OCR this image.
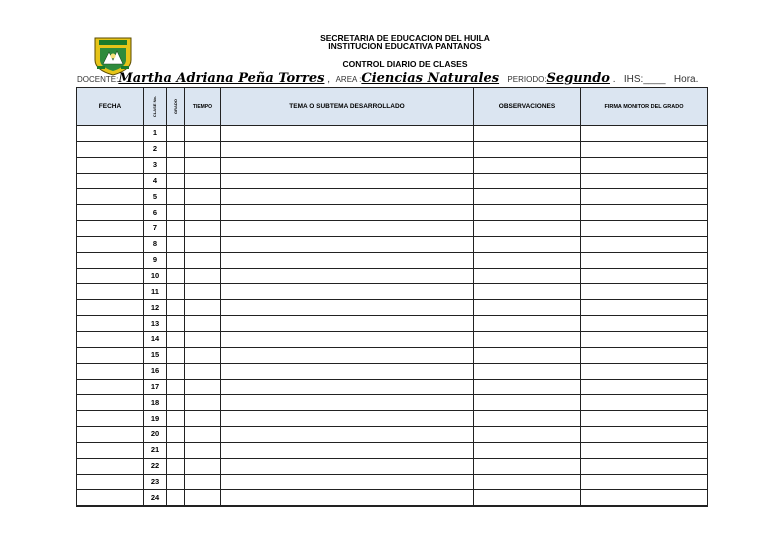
SECRETARIA DE EDUCACION DEL HUILA
INSTITUCION EDUCATIVA PANTANOS
CONTROL DIARIO DE CLASES
DOCENTE:Martha Adriana Peña Torres ,  AREA :Ciencias Naturales PERIODO:Segundo .   IHS:____ Hora.
FECHA	CLASE No.	GRADO	TIEMPO	TEMA O SUBTEMA DESARROLLADO	OBSERVACIONES	FIRMA MONITOR DEL GRADO
	1					
	2					
	3					
	4					
	5					
	6					
	7					
	8					
	9					
	10					
	11					
	12					
	13					
	14					
	15					
	16					
	17					
	18					
	19					
	20					
	21					
	22					
	23					
	24					
